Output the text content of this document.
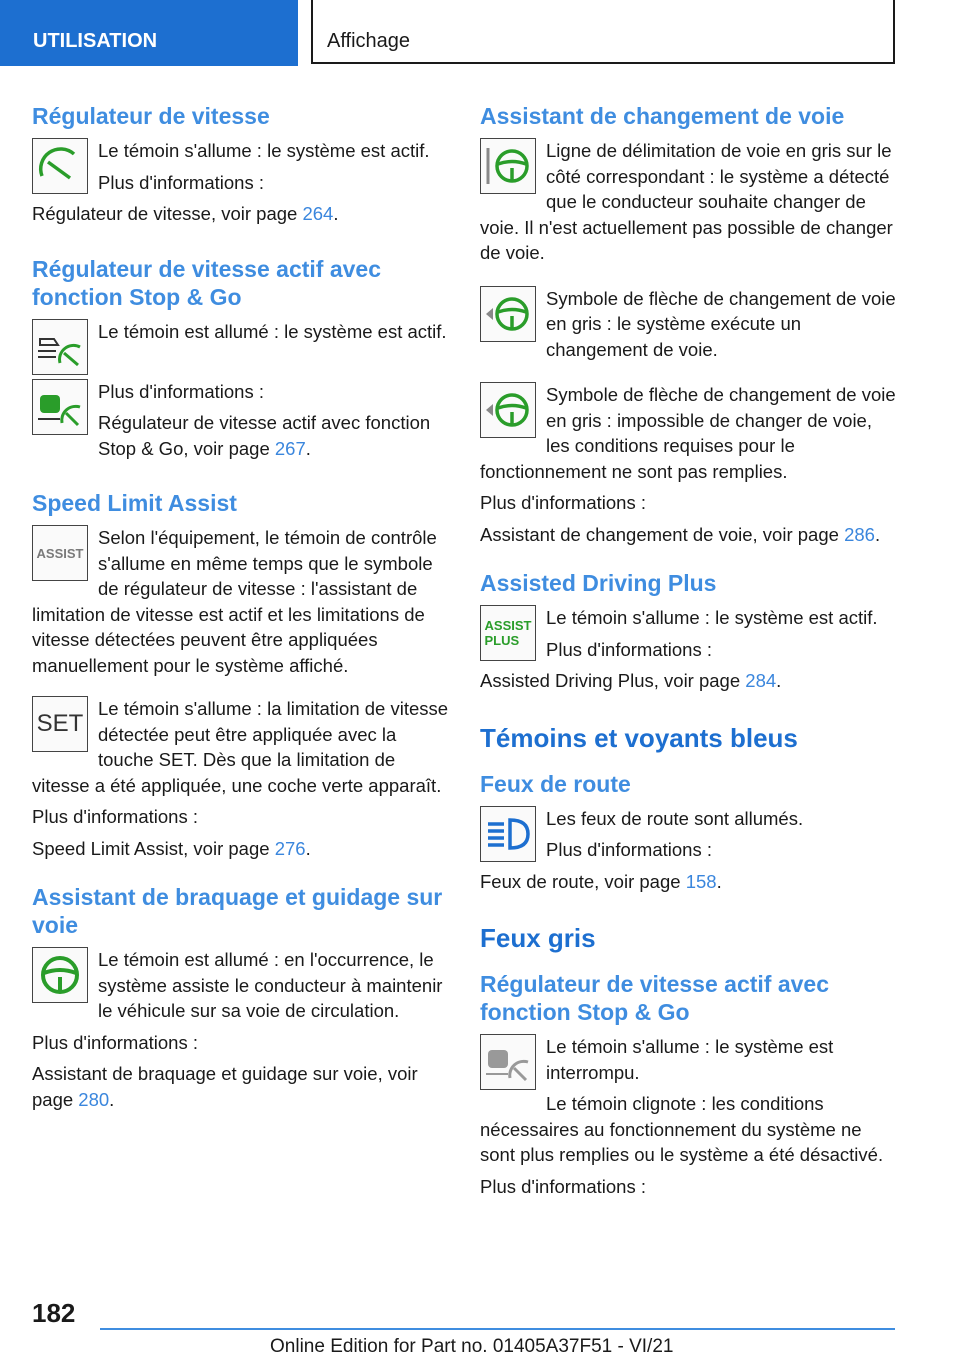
UTILISATION	Affichage
Régulateur de vitesse

Le témoin s'allume : le système est actif.

Plus d'informations :

Régulateur de vitesse, voir page 264.

Régulateur de vitesse actif avec fonction Stop & Go

Le témoin est allumé : le système est actif.

Plus d'informations :

Régulateur de vitesse actif avec fonction Stop & Go, voir page 267.

Speed Limit Assist
ASSIST

Selon l'équipement, le témoin de contrôle s'allume en même temps que le symbole de régulateur de vitesse : l'assistant de limitation de vitesse est actif et les limitations de vitesse détectées peuvent être appliquées manuellement pour le système affiché.

SET

Le témoin s'allume : la limitation de vitesse détectée peut être appliquée avec la touche SET. Dès que la limitation de vitesse a été appliquée, une coche verte apparaît.

Plus d'informations :

Speed Limit Assist, voir page 276.

Assistant de braquage et guidage sur voie

Le témoin est allumé : en l'occurrence, le système assiste le conducteur à maintenir le véhicule sur sa voie de circulation.

Plus d'informations :

Assistant de braquage et guidage sur voie, voir page 280.

Assistant de changement de voie

Ligne de délimitation de voie en gris sur le côté correspondant : le système a détecté que le conducteur souhaite changer de voie. Il n'est actuellement pas possible de changer de voie.

Symbole de flèche de changement de voie en gris : le système exécute un changement de voie.

Symbole de flèche de changement de voie en gris : impossible de changer de voie, les conditions requises pour le fonctionnement ne sont pas remplies.

Plus d'informations :

Assistant de changement de voie, voir page 286.

Assisted Driving Plus
ASSIST
PLUS

Le témoin s'allume : le système est actif.

Plus d'informations :

Assisted Driving Plus, voir page 284.

Témoins et voyants bleus
Feux de route

Les feux de route sont allumés.

Plus d'informations :

Feux de route, voir page 158.

Feux gris
Régulateur de vitesse actif avec fonction Stop & Go

Le témoin s'allume : le système est interrompu.

Le témoin clignote : les conditions nécessaires au fonctionnement du système ne sont plus remplies ou le système a été désactivé.

Plus d'informations :

182
Online Edition for Part no. 01405A37F51 - VI/21
